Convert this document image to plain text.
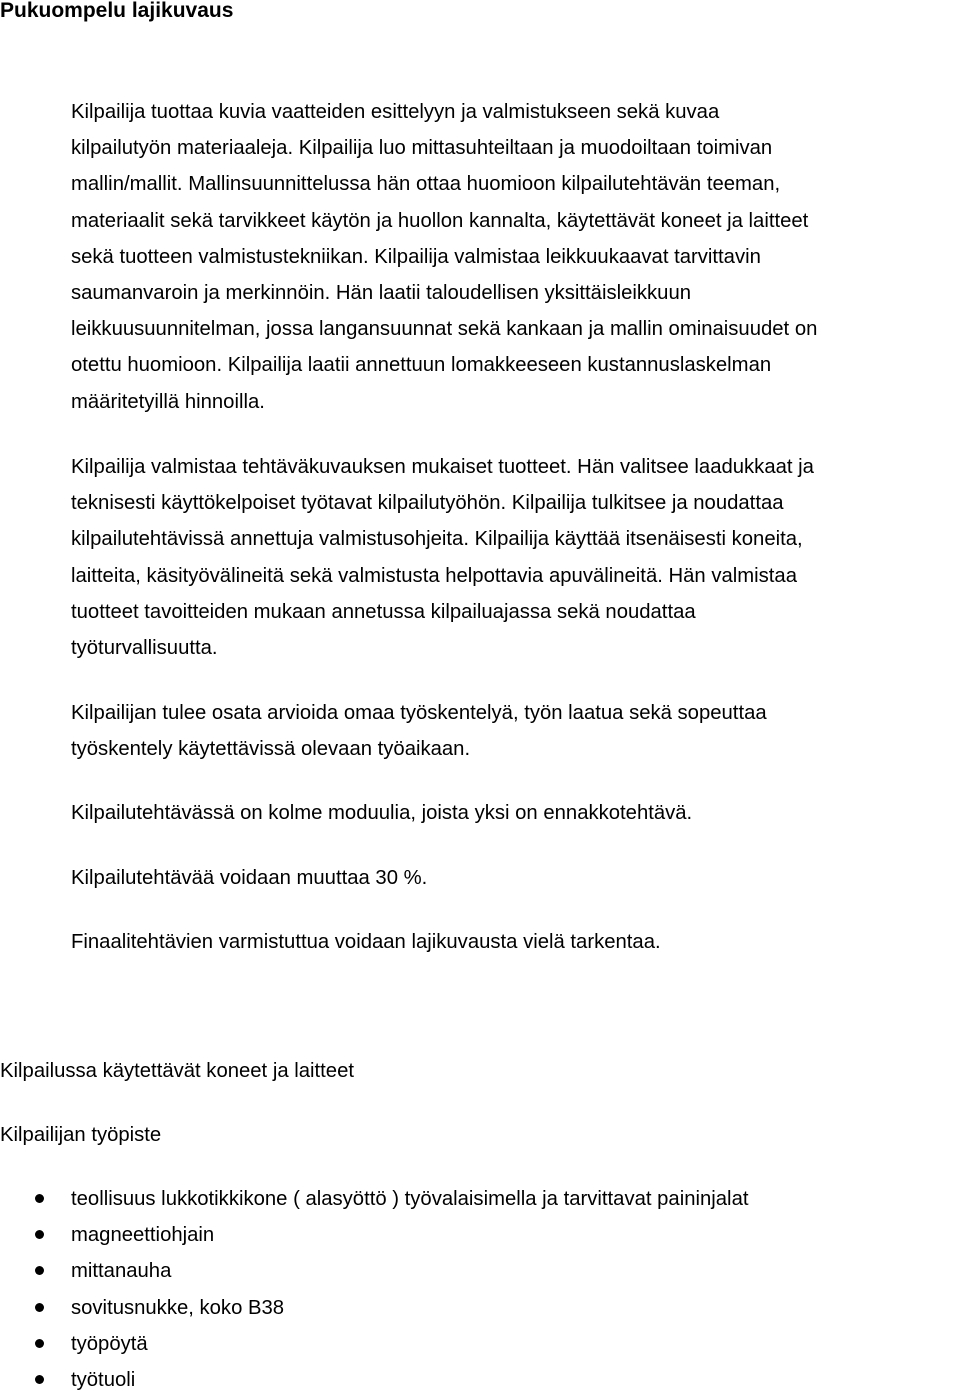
Pukuompelu lajikuvaus

Kilpailija tuottaa kuvia vaatteiden esittelyyn ja valmistukseen sekä kuvaa
kilpailutyön materiaaleja. Kilpailija luo mittasuhteiltaan ja muodoiltaan toimivan
mallin/mallit. Mallinsuunnittelussa hän ottaa huomioon kilpailutehtävän teeman,
materiaalit sekä tarvikkeet käytön ja huollon kannalta, käytettävät koneet ja laitteet
sekä tuotteen valmistustekniikan. Kilpailija valmistaa leikkuukaavat tarvittavin
saumanvaroin ja merkinnöin. Hän laatii taloudellisen yksittäisleikkuun
leikkuusuunnitelman, jossa langansuunnat sekä kankaan ja mallin ominaisuudet on
otettu huomioon. Kilpailija laatii annettuun lomakkeeseen kustannuslaskelman
määritetyillä hinnoilla.

Kilpailija valmistaa tehtäväkuvauksen mukaiset tuotteet. Hän valitsee laadukkaat ja
teknisesti käyttökelpoiset työtavat kilpailutyöhön. Kilpailija tulkitsee ja noudattaa
kilpailutehtävissä annettuja valmistusohjeita. Kilpailija käyttää itsenäisesti koneita,
laitteita, käsityövälineitä sekä valmistusta helpottavia apuvälineitä. Hän valmistaa
tuotteet tavoitteiden mukaan annetussa kilpailuajassa sekä noudattaa
työturvallisuutta.

Kilpailijan tulee osata arvioida omaa työskentelyä, työn laatua sekä sopeuttaa
työskentely käytettävissä olevaan työaikaan.

Kilpailutehtävässä on kolme moduulia, joista yksi on ennakkotehtävä.

Kilpailutehtävää voidaan muuttaa 30 %.

Finaalitehtävien varmistuttua voidaan lajikuvausta vielä tarkentaa.

Kilpailussa käytettävät koneet ja laitteet

Kilpailijan työpiste

teollisuus lukkotikkikone ( alasyöttö ) työvalaisimella ja tarvittavat paininjalat
magneettiohjain
mittanauha
sovitusnukke, koko B38
työpöytä
työtuoli
